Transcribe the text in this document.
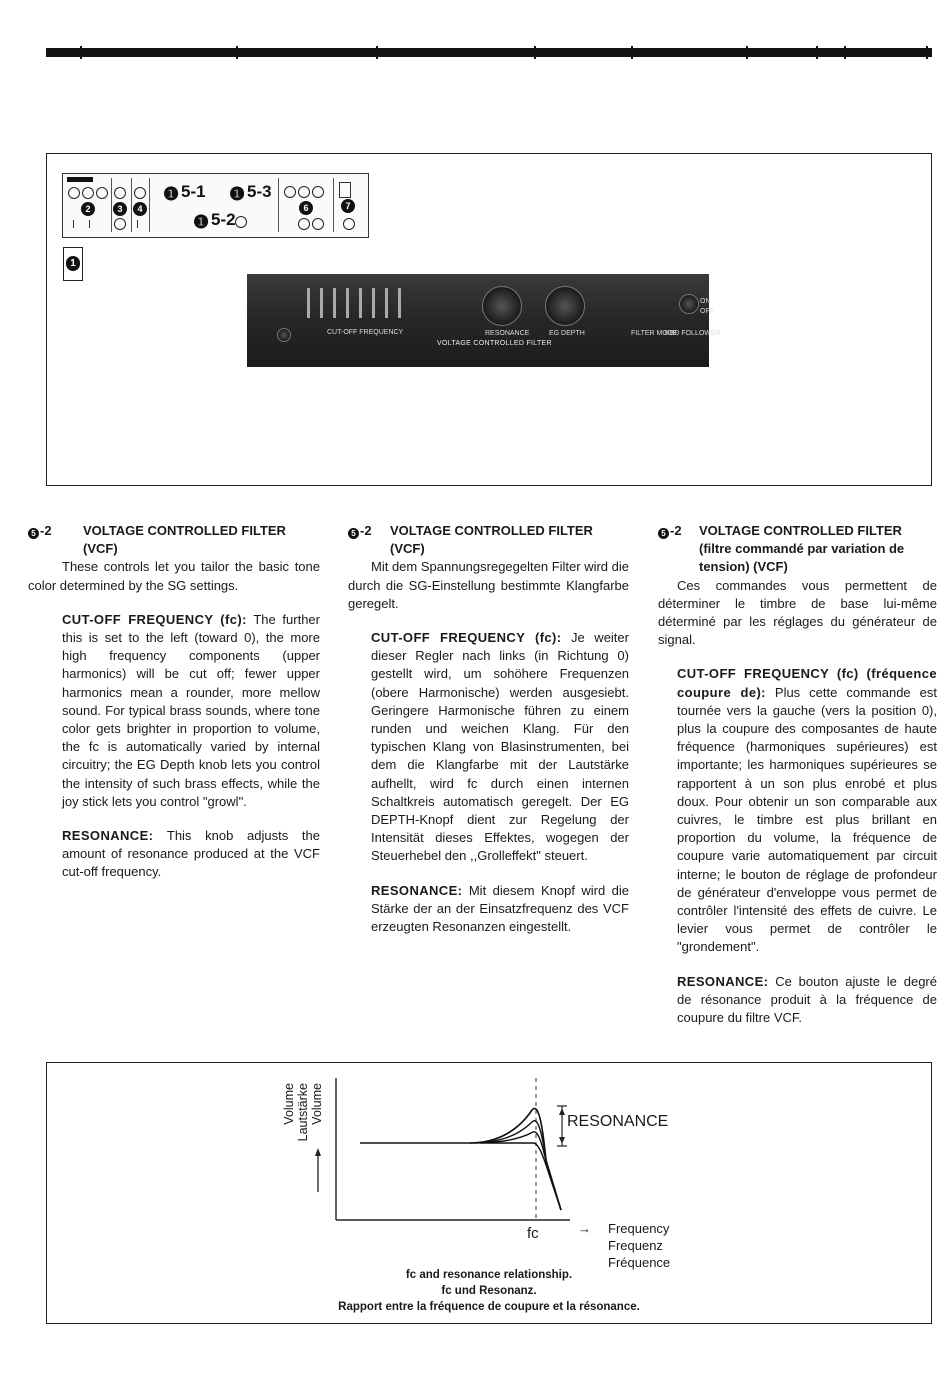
2	3	4
❶ 5-1 ❶ 5-3
❶ 5-2
6	7
1
CUT-OFF FREQUENCY	RESONANCE	EG DEPTH	FILTER MODE
KBD FOLLOWER
ON
OFF
VOLTAGE CONTROLLED FILTER
5 -2 VOLTAGE CONTROLLED FILTER
(VCF)

These controls let you tailor the basic tone color determined by the SG settings.

CUT-OFF FREQUENCY (fc): The further this is set to the left (toward 0), the more high frequency components (upper harmonics) will be cut off; fewer upper harmonics mean a rounder, more mellow sound. For typical brass sounds, where tone color gets brighter in proportion to volume, the fc is automatically varied by internal circuitry; the EG Depth knob lets you control the intensity of such brass effects, while the joy stick lets you control "growl".

RESONANCE: This knob adjusts the amount of resonance produced at the VCF cut-off frequency.

5 -2 VOLTAGE CONTROLLED FILTER
(VCF)

Mit dem Spannungsregegelten Filter wird die durch die SG-Einstellung bestimmte Klangfarbe geregelt.

CUT-OFF FREQUENCY (fc): Je weiter dieser Regler nach links (in Richtung 0) gestellt wird, um sohöhere Frequenzen (obere Harmonische) werden ausgesiebt. Geringere Harmonische führen zu einem runden und weichen Klang. Für den typischen Klang von Blasinstrumenten, bei dem die Klangfarbe mit der Lautstärke aufhellt, wird fc durch einen internen Schaltkreis automatisch geregelt. Der EG DEPTH-Knopf dient zur Regelung der Intensität dieses Effektes, wogegen der Steuerhebel den ,,Grolleffekt" steuert.

RESONANCE: Mit diesem Knopf wird die Stärke der an der Einsatzfrequenz des VCF erzeugten Resonanzen eingestellt.

5 -2 VOLTAGE CONTROLLED FILTER
(filtre commandé par variation de
tension) (VCF)

Ces commandes vous permettent de déterminer le timbre de base lui-même déterminé par les réglages du générateur de signal.

CUT-OFF FREQUENCY (fc) (fréquence coupure de): Plus cette commande est tournée vers la gauche (vers la position 0), plus la coupure des composantes de haute fréquence (harmoniques supérieures) est importante; les harmoniques supérieures se rapportent à un son plus enrobé et plus doux. Pour obtenir un son comparable aux cuivres, le timbre est plus brillant en proportion du volume, la fréquence de coupure varie automatiquement par circuit interne; le bouton de réglage de profondeur de générateur d'enveloppe vous permet de contrôler l'intensité des effets de cuivre. Le levier vous permet de contrôler le "grondement".

RESONANCE: Ce bouton ajuste le degré de résonance produit à la fréquence de coupure du filtre VCF.

Volume Lautstärke Volume	RESONANCE
fc	→ Frequency
Frequenz
Fréquence
fc and resonance relationship.
fc und Resonanz.
Rapport entre la fréquence de coupure et la résonance.
